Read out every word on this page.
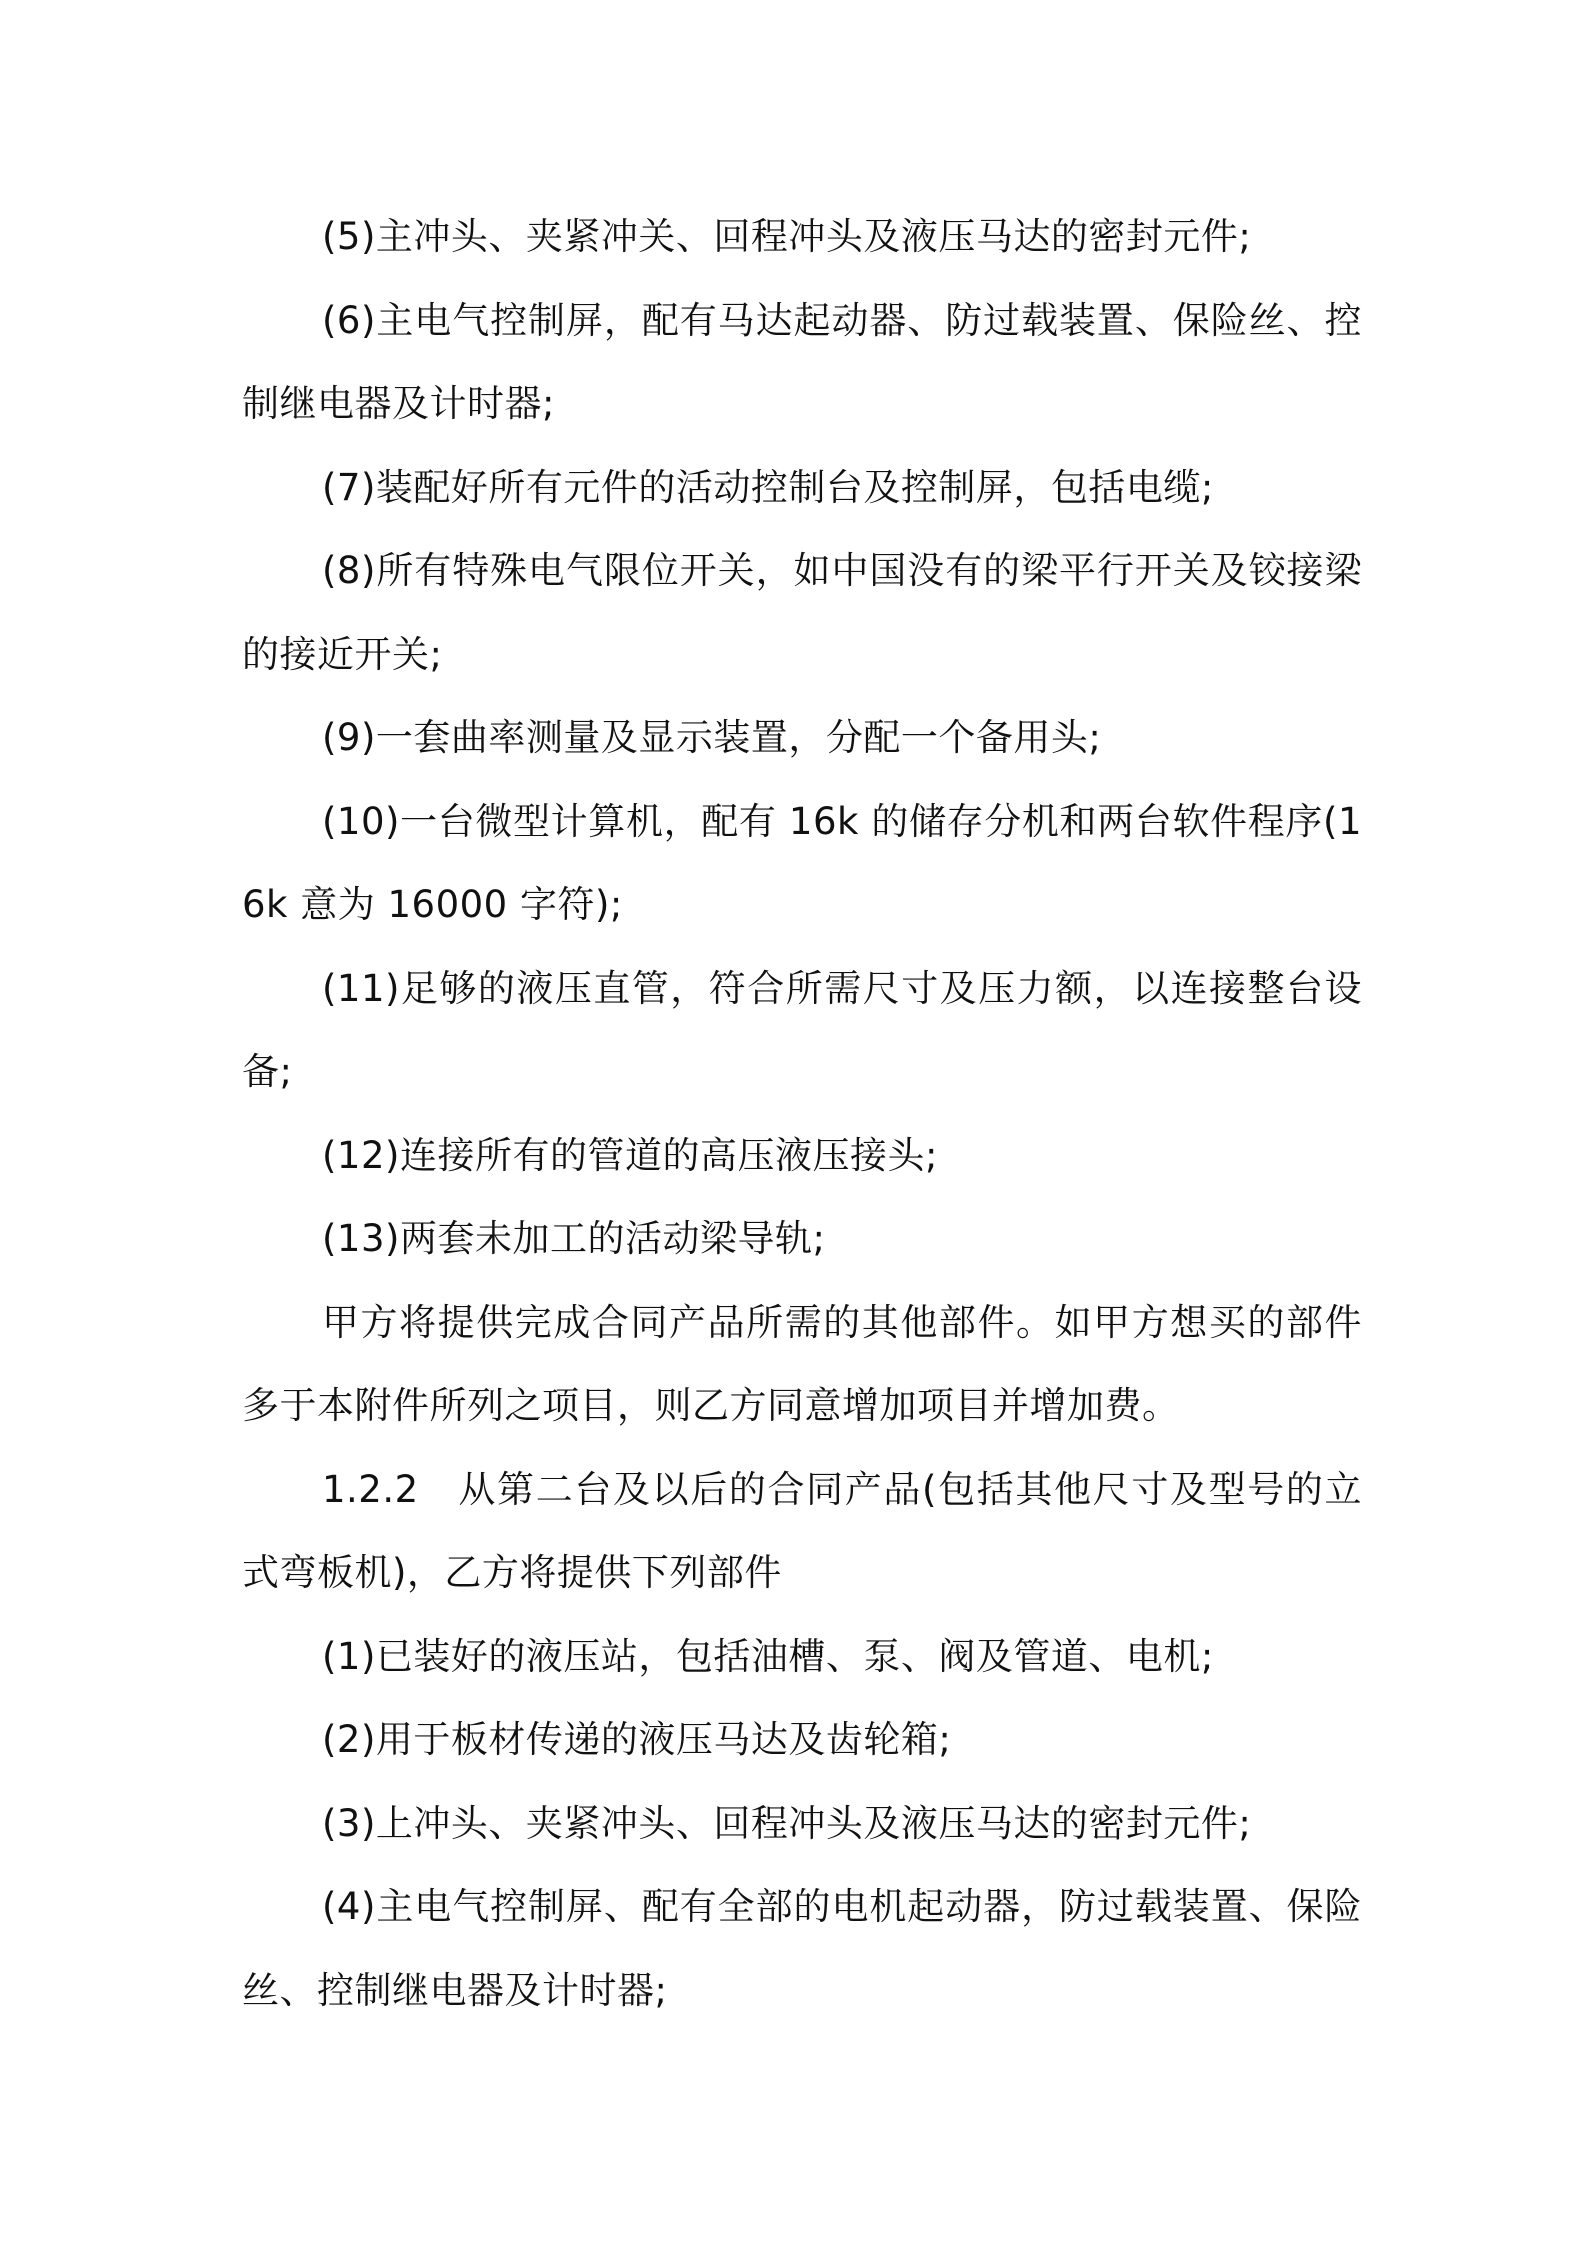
(5)主冲头、夹紧冲关、回程冲头及液压马达的密封元件;

(6)主电气控制屏，配有马达起动器、防过载装置、保险丝、控制继电器及计时器;

(7)装配好所有元件的活动控制台及控制屏，包括电缆;

(8)所有特殊电气限位开关，如中国没有的梁平行开关及铰接梁的接近开关;

(9)一套曲率测量及显示装置，分配一个备用头;

(10)一台微型计算机，配有 16k 的储存分机和两台软件程序(16k 意为 16000 字符);

(11)足够的液压直管，符合所需尺寸及压力额，以连接整台设备;

(12)连接所有的管道的高压液压接头;

(13)两套未加工的活动梁导轨;

甲方将提供完成合同产品所需的其他部件。如甲方想买的部件多于本附件所列之项目，则乙方同意增加项目并增加费。

1.2.2　从第二台及以后的合同产品(包括其他尺寸及型号的立式弯板机)，乙方将提供下列部件

(1)已装好的液压站，包括油槽、泵、阀及管道、电机;

(2)用于板材传递的液压马达及齿轮箱;

(3)上冲头、夹紧冲头、回程冲头及液压马达的密封元件;

(4)主电气控制屏、配有全部的电机起动器，防过载装置、保险丝、控制继电器及计时器;
